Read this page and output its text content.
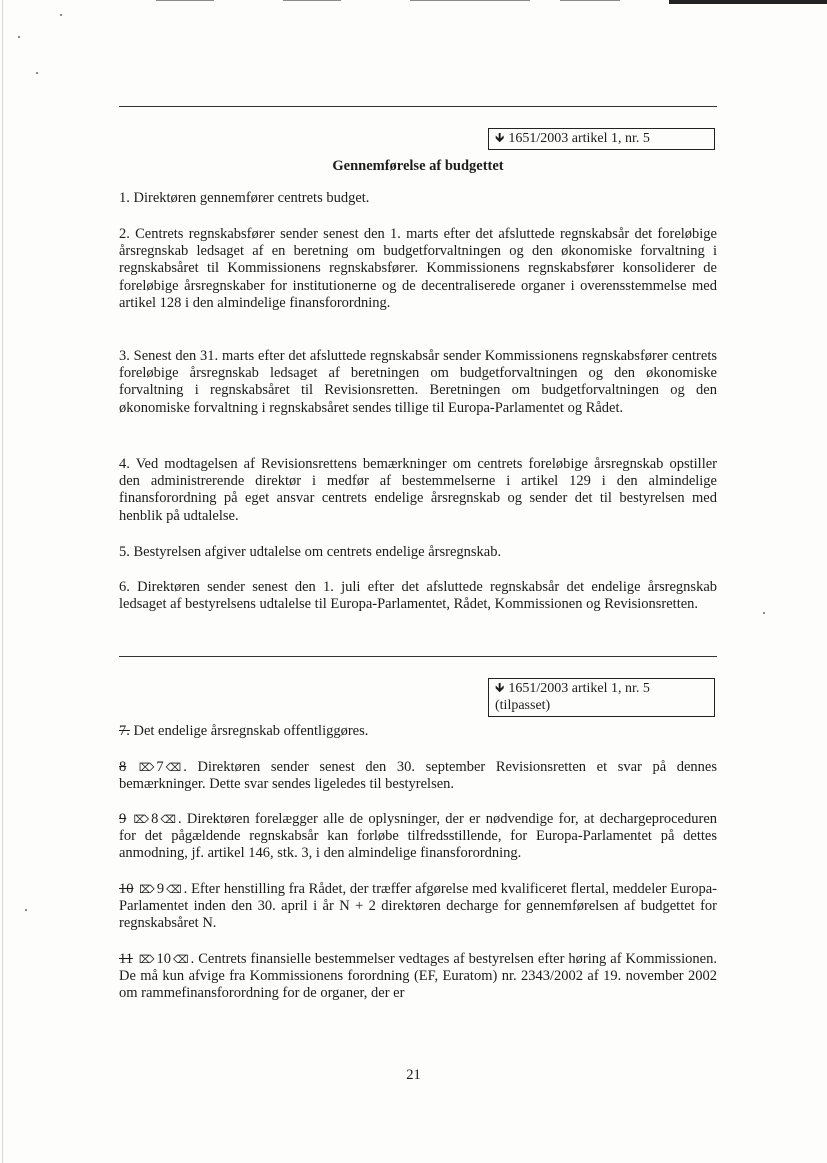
🡻 1651/2003 artikel 1, nr. 5
Gennemførelse af budgettet

1. Direktøren gennemfører centrets budget.

2. Centrets regnskabsfører sender senest den 1. marts efter det afsluttede regnskabsår det foreløbige årsregnskab ledsaget af en beretning om budgetforvaltningen og den økonomiske forvaltning i regnskabsåret til Kommissionens regnskabsfører. Kommissionens regnskabsfører konsoliderer de foreløbige årsregnskaber for institutionerne og de decentraliserede organer i overensstemmelse med artikel 128 i den almindelige finansforordning.

3. Senest den 31. marts efter det afsluttede regnskabsår sender Kommissionens regnskabsfører centrets foreløbige årsregnskab ledsaget af beretningen om budgetforvaltningen og den økonomiske forvaltning i regnskabsåret til Revisionsretten. Beretningen om budgetforvaltningen og den økonomiske forvaltning i regnskabsåret sendes tillige til Europa-Parlamentet og Rådet.

4. Ved modtagelsen af Revisionsrettens bemærkninger om centrets foreløbige årsregnskab opstiller den administrerende direktør i medfør af bestemmelserne i artikel 129 i den almindelige finansforordning på eget ansvar centrets endelige årsregnskab og sender det til bestyrelsen med henblik på udtalelse.

5. Bestyrelsen afgiver udtalelse om centrets endelige årsregnskab.

6. Direktøren sender senest den 1. juli efter det afsluttede regnskabsår det endelige årsregnskab ledsaget af bestyrelsens udtalelse til Europa-Parlamentet, Rådet, Kommissionen og Revisionsretten.

🡻 1651/2003 artikel 1, nr. 5
(tilpasset)

7. Det endelige årsregnskab offentliggøres.

8 ⌦ 7 ⌫ . Direktøren sender senest den 30. september Revisionsretten et svar på dennes bemærkninger. Dette svar sendes ligeledes til bestyrelsen.

9 ⌦ 8 ⌫ . Direktøren forelægger alle de oplysninger, der er nødvendige for, at dechargeproceduren for det pågældende regnskabsår kan forløbe tilfredsstillende, for Europa-Parlamentet på dettes anmodning, jf. artikel 146, stk. 3, i den almindelige finansforordning.

10 ⌦ 9 ⌫ . Efter henstilling fra Rådet, der træffer afgørelse med kvalificeret flertal, meddeler Europa-Parlamentet inden den 30. april i år N + 2 direktøren decharge for gennemførelsen af budgettet for regnskabsåret N.

11 ⌦ 10 ⌫ . Centrets finansielle bestemmelser vedtages af bestyrelsen efter høring af Kommissionen. De må kun afvige fra Kommissionens forordning (EF, Euratom) nr. 2343/2002 af 19. november 2002 om rammefinansforordning for de organer, der er

21
